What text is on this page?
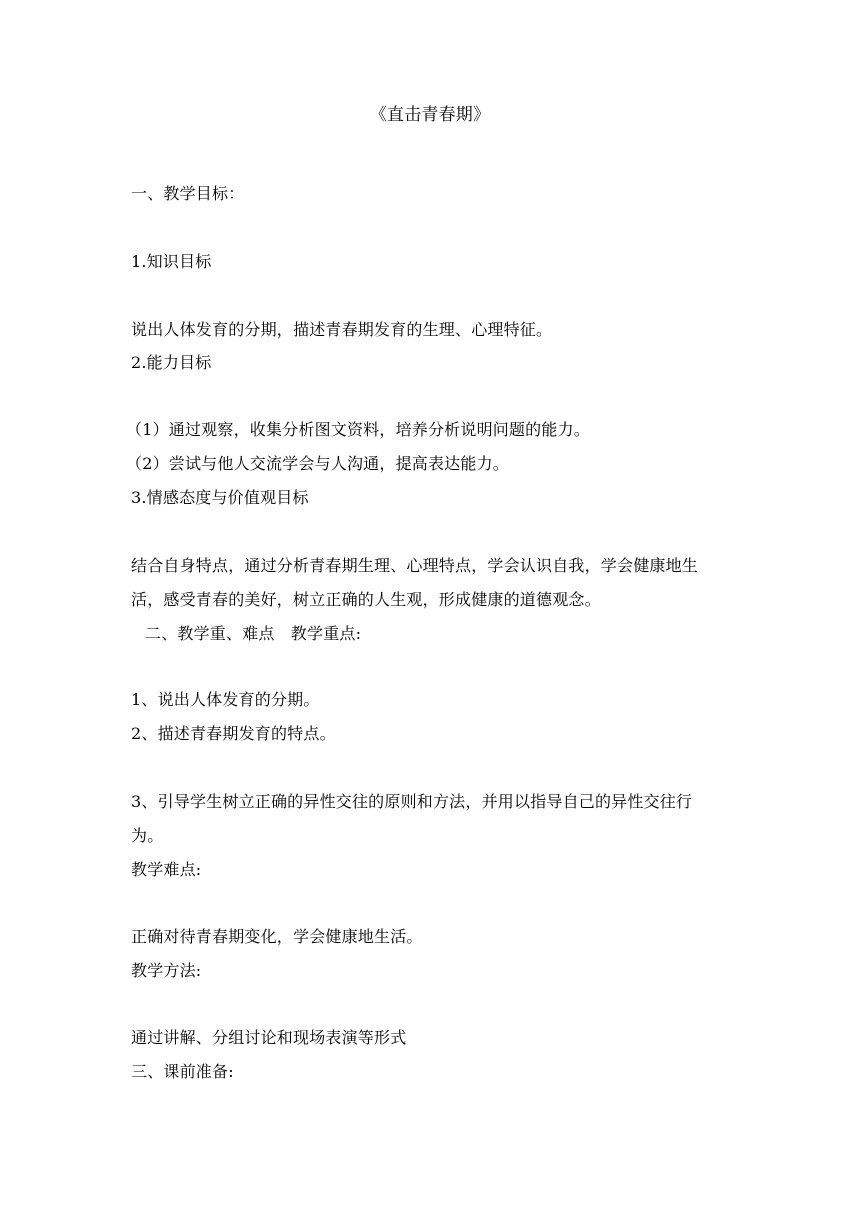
《直击青春期》
一、教学目标：
1.知识目标
说出人体发育的分期，描述青春期发育的生理、心理特征。
2.能力目标
（1）通过观察，收集分析图文资料，培养分析说明问题的能力。
（2）尝试与他人交流学会与人沟通，提高表达能力。
3.情感态度与价值观目标
结合自身特点，通过分析青春期生理、心理特点，学会认识自我，学会健康地生
活，感受青春的美好，树立正确的人生观，形成健康的道德观念。
二、教学重、难点　教学重点:
1、说出人体发育的分期。
2、描述青春期发育的特点。
3、引导学生树立正确的异性交往的原则和方法，并用以指导自己的异性交往行
为。
教学难点:
正确对待青春期变化，学会健康地生活。
教学方法:
通过讲解、分组讨论和现场表演等形式
三、课前准备:
